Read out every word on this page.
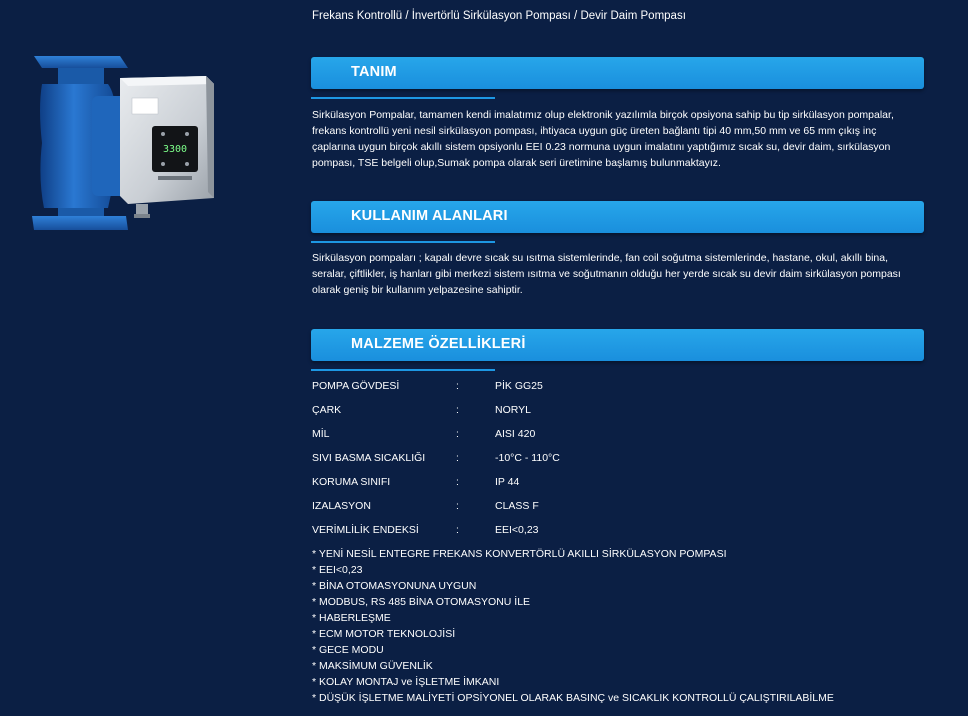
Frekans Kontrollü / İnvertörlü Sirkülasyon Pompası / Devir Daim Pompası
3300
TANIM
Sirkülasyon Pompalar, tamamen kendi imalatımız olup elektronik yazılımla birçok opsiyona sahip bu tip sirkülasyon pompalar, frekans kontrollü yeni nesil sirkülasyon pompası, ihtiyaca uygun güç üreten bağlantı tipi 40 mm,50 mm ve 65 mm çıkış inç çaplarına uygun birçok akıllı sistem opsiyonlu EEI 0.23 normuna uygun imalatını yaptığımız sıcak su, devir daim, sırkülasyon pompası, TSE belgeli olup,Sumak pompa olarak seri üretimine başlamış bulunmaktayız.
KULLANIM ALANLARI
Sirkülasyon pompaları ; kapalı devre sıcak su ısıtma sistemlerinde, fan coil soğutma sistemlerinde, hastane, okul, akıllı bina, seralar, çiftlikler, iş hanları gibi merkezi sistem ısıtma ve soğutmanın olduğu her yerde sıcak su devir daim sirkülasyon pompası olarak geniş bir kullanım yelpazesine sahiptir.
MALZEME ÖZELLİKLERİ
POMPA GÖVDESİ	:	PİK GG25
ÇARK	:	NORYL
MİL	:	AISI 420
SIVI BASMA SICAKLIĞI	:	-10°C - 110°C
KORUMA SINIFI	:	IP 44
IZALASYON	:	CLASS F
VERİMLİLİK ENDEKSİ	:	EEI<0,23
* YENİ NESİL ENTEGRE FREKANS KONVERTÖRLÜ AKILLI SİRKÜLASYON POMPASI
* EEI<0,23
* BİNA OTOMASYONUNA UYGUN
* MODBUS, RS 485 BİNA OTOMASYONU İLE
* HABERLEŞME
* ECM MOTOR TEKNOLOJİSİ
* GECE MODU
* MAKSİMUM GÜVENLİK
* KOLAY MONTAJ ve İŞLETME İMKANI
* DÜŞÜK İŞLETME MALİYETİ OPSİYONEL OLARAK BASINÇ ve SICAKLIK KONTROLLÜ ÇALIŞTIRILABİLME
